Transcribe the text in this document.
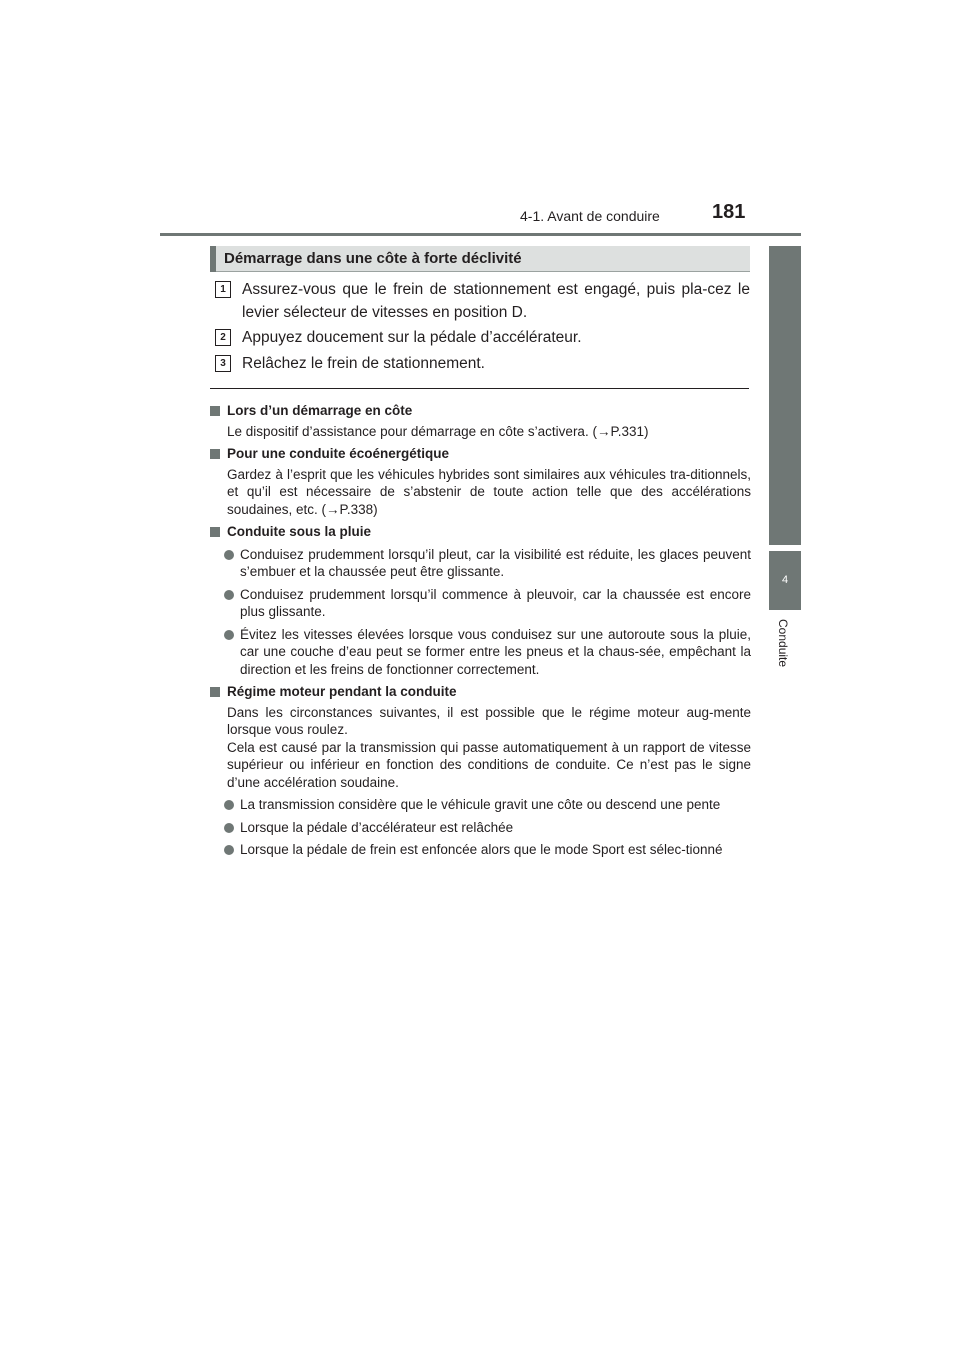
4-1. Avant de conduire	181
4
Conduite
Démarrage dans une côte à forte déclivité
1	Assurez-vous que le frein de stationnement est engagé, puis pla-cez le levier sélecteur de vitesses en position D.
2	Appuyez doucement sur la pédale d’accélérateur.
3	Relâchez le frein de stationnement.
Lors d’un démarrage en côte
Le dispositif d’assistance pour démarrage en côte s’activera. (→P.331)
Pour une conduite écoénergétique
Gardez à l’esprit que les véhicules hybrides sont similaires aux véhicules tra-ditionnels, et qu’il est nécessaire de s’abstenir de toute action telle que des accélérations soudaines, etc. (→P.338)
Conduite sous la pluie
Conduisez prudemment lorsqu’il pleut, car la visibilité est réduite, les glaces peuvent s’embuer et la chaussée peut être glissante.
Conduisez prudemment lorsqu’il commence à pleuvoir, car la chaussée est encore plus glissante.
Évitez les vitesses élevées lorsque vous conduisez sur une autoroute sous la pluie, car une couche d’eau peut se former entre les pneus et la chaus-sée, empêchant la direction et les freins de fonctionner correctement.
Régime moteur pendant la conduite
Dans les circonstances suivantes, il est possible que le régime moteur aug-mente lorsque vous roulez.
Cela est causé par la transmission qui passe automatiquement à un rapport de vitesse supérieur ou inférieur en fonction des conditions de conduite. Ce n’est pas le signe d’une accélération soudaine.
La transmission considère que le véhicule gravit une côte ou descend une pente
Lorsque la pédale d’accélérateur est relâchée
Lorsque la pédale de frein est enfoncée alors que le mode Sport est sélec-tionné
